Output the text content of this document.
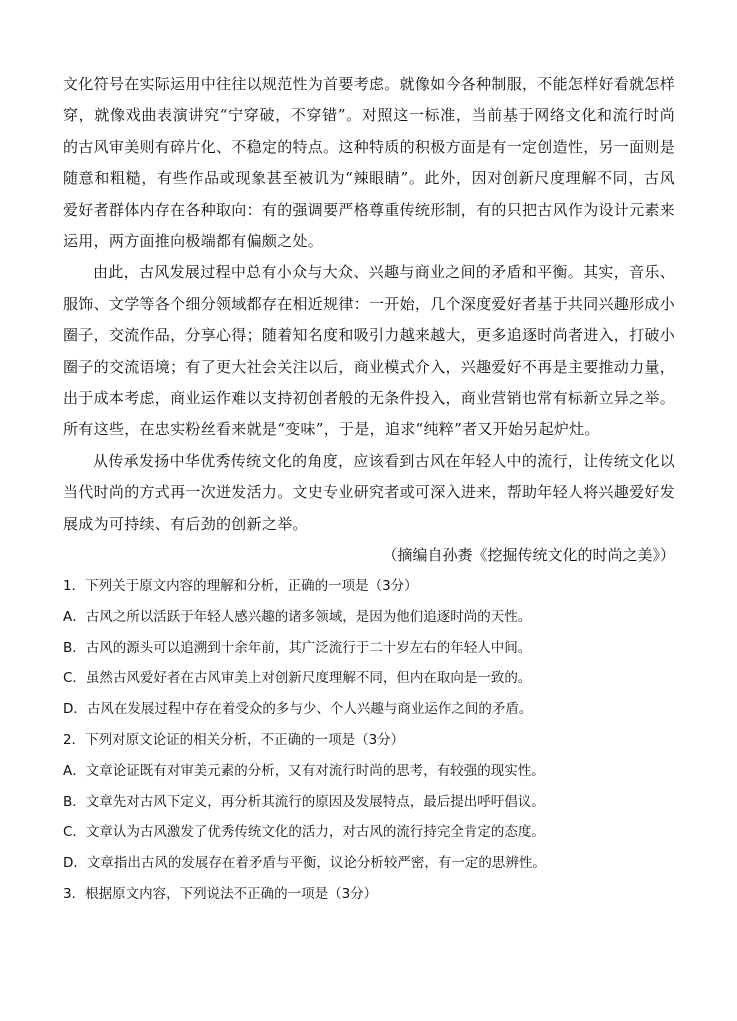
文化符号在实际运用中往往以规范性为首要考虑。就像如今各种制服，不能怎样好看就怎样穿，就像戏曲表演讲究“宁穿破，不穿错”。对照这一标准，当前基于网络文化和流行时尚的古风审美则有碎片化、不稳定的特点。这种特质的积极方面是有一定创造性，另一面则是随意和粗糙，有些作品或现象甚至被讥为“辣眼睛”。此外，因对创新尺度理解不同，古风爱好者群体内存在各种取向：有的强调要严格尊重传统形制，有的只把古风作为设计元素来运用，两方面推向极端都有偏颇之处。

由此，古风发展过程中总有小众与大众、兴趣与商业之间的矛盾和平衡。其实，音乐、服饰、文学等各个细分领域都存在相近规律：一开始，几个深度爱好者基于共同兴趣形成小圈子，交流作品，分享心得；随着知名度和吸引力越来越大，更多追逐时尚者进入，打破小圈子的交流语境；有了更大社会关注以后，商业模式介入，兴趣爱好不再是主要推动力量，出于成本考虑，商业运作难以支持初创者般的无条件投入，商业营销也常有标新立异之举。所有这些，在忠实粉丝看来就是“变味”，于是，追求“纯粹”者又开始另起炉灶。

从传承发扬中华优秀传统文化的角度，应该看到古风在年轻人中的流行，让传统文化以当代时尚的方式再一次迸发活力。文史专业研究者或可深入进来，帮助年轻人将兴趣爱好发展成为可持续、有后劲的创新之举。

（摘编自孙赉《挖掘传统文化的时尚之美》）

1．下列关于原文内容的理解和分析，正确的一项是（3分）

A．古风之所以活跃于年轻人感兴趣的诸多领域，是因为他们追逐时尚的天性。

B．古风的源头可以追溯到十余年前，其广泛流行于二十岁左右的年轻人中间。

C．虽然古风爱好者在古风审美上对创新尺度理解不同，但内在取向是一致的。

D．古风在发展过程中存在着受众的多与少、个人兴趣与商业运作之间的矛盾。

2．下列对原文论证的相关分析，不正确的一项是（3分）

A．文章论证既有对审美元素的分析，又有对流行时尚的思考，有较强的现实性。

B．文章先对古风下定义，再分析其流行的原因及发展特点，最后提出呼吁倡议。

C．文章认为古风激发了优秀传统文化的活力，对古风的流行持完全肯定的态度。

D．文章指出古风的发展存在着矛盾与平衡，议论分析较严密，有一定的思辨性。

3．根据原文内容，下列说法不正确的一项是（3分）
